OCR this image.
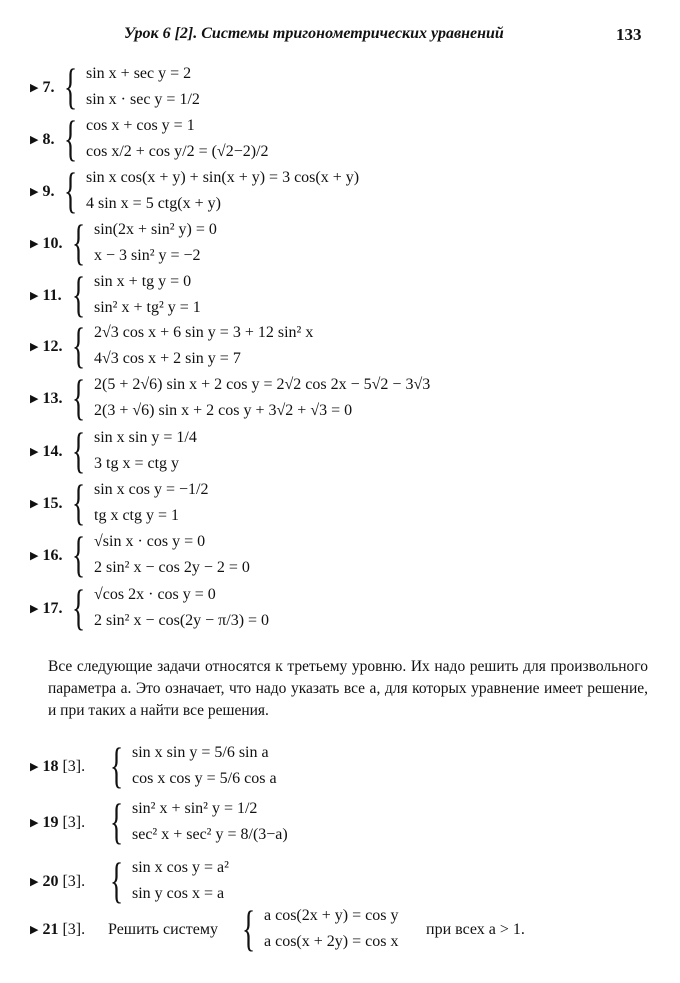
Урок 6 [2]. Системы тригонометрических уравнений	133
▶ 7. { sin x + sec y = 2
sin x · sec y = 1/2
▶ 8. { cos x + cos y = 1
cos x/2 + cos y/2 = (√2−2)/2
▶ 9. { sin x cos(x + y) + sin(x + y) = 3 cos(x + y)
4 sin x = 5 ctg(x + y)
▶ 10. { sin(2x + sin² y) = 0
x − 3 sin² y = −2
▶ 11. { sin x + tg y = 0
sin² x + tg² y = 1
▶ 12. { 2√3 cos x + 6 sin y = 3 + 12 sin² x
4√3 cos x + 2 sin y = 7
▶ 13. { 2(5 + 2√6) sin x + 2 cos y = 2√2 cos 2x − 5√2 − 3√3
2(3 + √6) sin x + 2 cos y + 3√2 + √3 = 0
▶ 14. { sin x sin y = 1/4
3 tg x = ctg y
▶ 15. { sin x cos y = −1/2
tg x ctg y = 1
▶ 16. { √sin x · cos y = 0
2 sin² x − cos 2y − 2 = 0
▶ 17. { √cos 2x · cos y = 0
2 sin² x − cos(2y − π/3) = 0
Все следующие задачи относятся к третьему уровню. Их надо решить для произвольного параметра a. Это означает, что надо указать все a, для которых уравнение имеет решение, и при таких a найти все решения.
▶ 18 [3]. { sin x sin y = 5/6 sin a
cos x cos y = 5/6 cos a
▶ 19 [3]. { sin² x + sin² y = 1/2
sec² x + sec² y = 8/(3−a)
▶ 20 [3]. { sin x cos y = a²
sin y cos x = a
▶ 21 [3]. Решить систему { a cos(2x + y) = cos y
a cos(x + 2y) = cos x
при всех a > 1.
